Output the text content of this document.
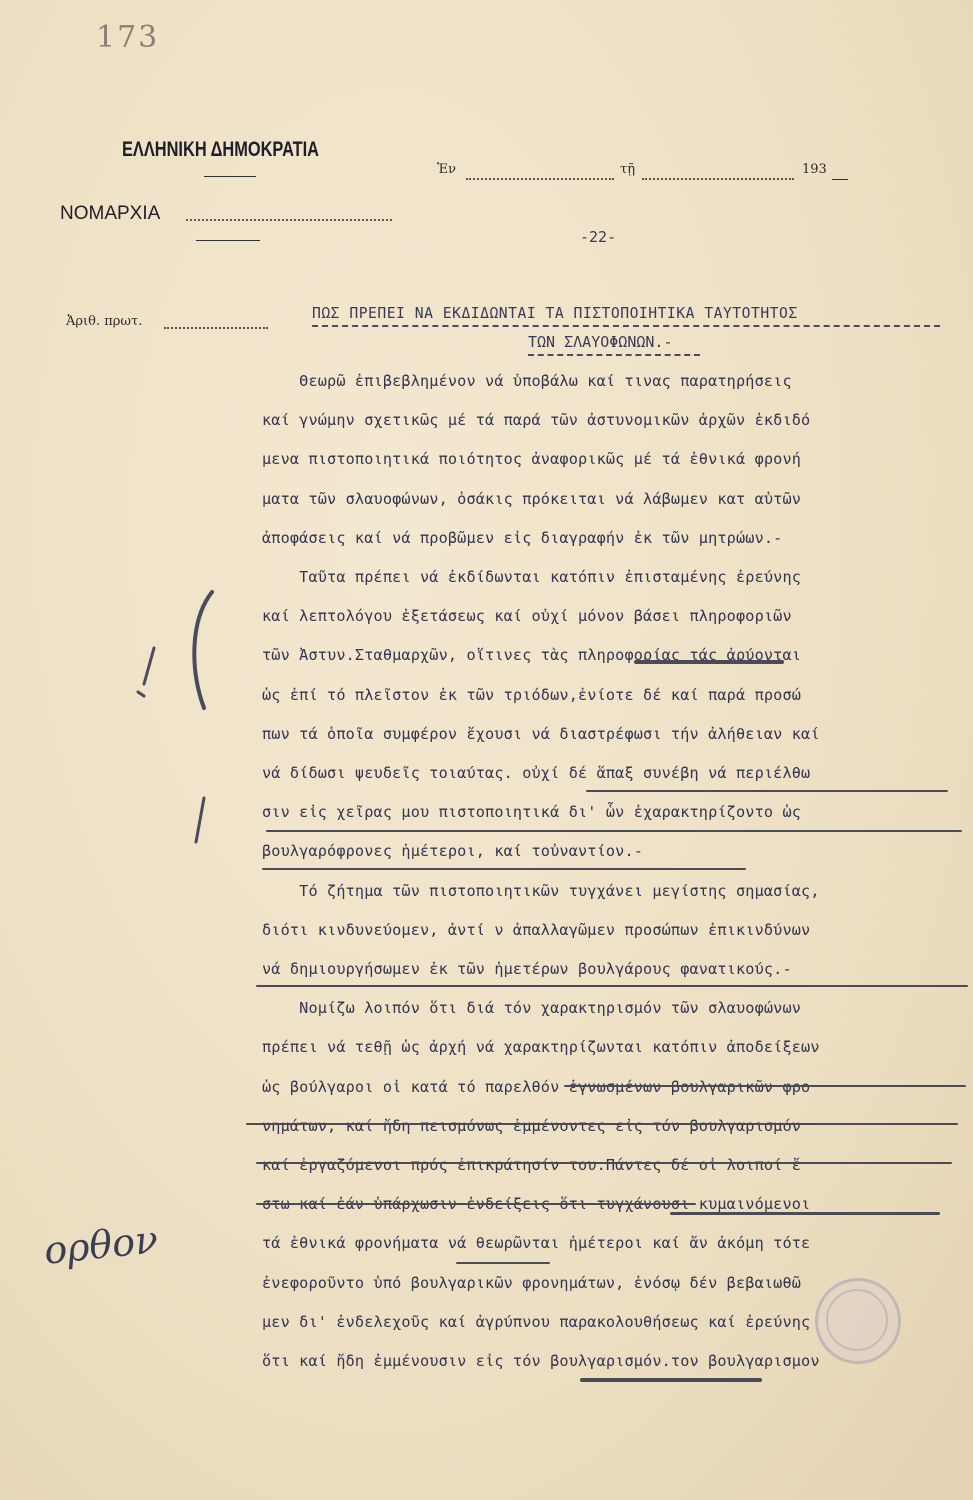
173
ΕΛΛΗΝΙΚΗ ΔΗΜΟΚΡΑΤΙΑ
Ἐν	τῇ	193
ΝΟΜΑΡΧΙΑ
-22-
Ἀριθ. πρωτ.	ΠΩΣ ΠΡΕΠΕΙ ΝΑ ΕΚΔΙΔΩΝΤΑΙ ΤΑ ΠΙΣΤΟΠΟΙΗΤΙΚΑ ΤΑΥΤΟΤΗΤΟΣ
ΤΩΝ ΣΛΑΥΟΦΩΝΩΝ.-
Θεωρῶ ἐπιβεβλημένον νά ὑποβάλω καί τινας παρατηρήσεις
καί γνώμην σχετικῶς μέ τά παρά τῶν ἀστυνομικῶν ἀρχῶν ἐκδιδό
μενα πιστοποιητικά ποιότητος ἀναφορικῶς μέ τά ἐθνικά φρονή
ματα τῶν σλαυοφώνων, ὁσάκις πρόκειται νά λάβωμεν κατ αὐτῶν
ἀποφάσεις καί νά προβῶμεν εἰς διαγραφήν ἐκ τῶν μητρώων.-
Ταῦτα πρέπει νά ἐκδίδωνται κατόπιν ἐπισταμένης ἐρεύνης
καί λεπτολόγου ἐξετάσεως καί οὐχί μόνον βάσει πληροφοριῶν
τῶν Ἀστυν.Σταθμαρχῶν, οἵτινες τὰς πληροφορίας τάς ἀρύονται
ὡς ἐπί τό πλεῖστον ἐκ τῶν τριόδων,ἐνίοτε δέ καί παρά προσώ
πων τά ὁποῖα συμφέρον ἔχουσι νά διαστρέφωσι τήν ἀλήθειαν καί
νά δίδωσι ψευδεῖς τοιαύτας. οὐχί δέ ἅπαξ συνέβη νά περιέλθω
σιν εἰς χεῖρας μου πιστοποιητικά δι' ὧν ἐχαρακτηρίζοντο ὡς
βουλγαρόφρονες ἡμέτεροι, καί τοὐναντίον.-
Τό ζήτημα τῶν πιστοποιητικῶν τυγχάνει μεγίστης σημασίας,
διότι κινδυνεύομεν, ἀντί ν ἀπαλλαγῶμεν προσώπων ἐπικινδύνων
νά δημιουργήσωμεν ἐκ τῶν ἡμετέρων βουλγάρους φανατικούς.-
Νομίζω λοιπόν ὅτι διά τόν χαρακτηρισμόν τῶν σλαυοφώνων
πρέπει νά τεθῇ ὡς ἀρχή νά χαρακτηρίζωνται κατόπιν ἀποδείξεων
ὡς βούλγαροι οἱ κατά τό παρελθόν ἐγνωσμένων βουλγαρικῶν φρο
νημάτων, καί ἤδη πεισμόνως ἐμμένοντες εἰς τόν βουλγαρισμόν
καί ἐργαζόμενοι πρός ἐπικράτησίν του.Πάντες δέ οἱ λοιποί ἔ
στω καί ἐάν ὑπάρχωσιν ἐνδείξεις ὅτι τυγχάνουσι κυμαινόμενοι
τά ἐθνικά φρονήματα νά θεωρῶνται ἡμέτεροι καί ἄν ἀκόμη τότε
ἐνεφοροῦντο ὑπό βουλγαρικῶν φρονημάτων, ἐνόσῳ δέν βεβαιωθῶ
μεν δι' ἐνδελεχοῦς καί ἀγρύπνου παρακολουθήσεως καί ἐρεύνης
ὅτι καί ἤδη ἐμμένουσιν εἰς τόν βουλγαρισμόν.τον βουλγαρισμον
ορθον
